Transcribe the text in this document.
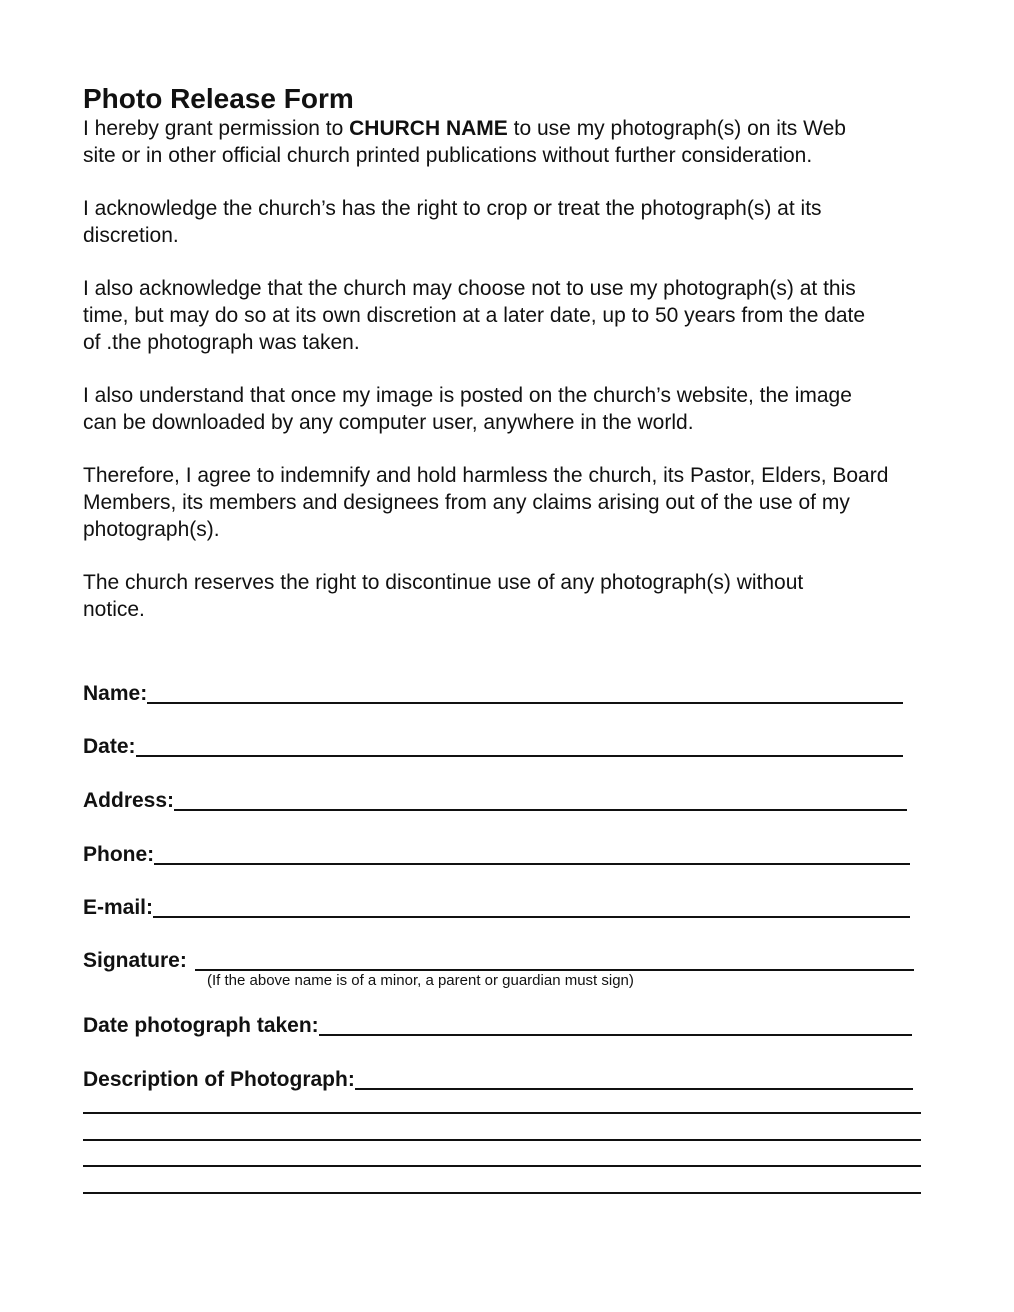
Photo Release Form

I hereby grant permission to CHURCH NAME to use my photograph(s) on its Web site or in other official church printed publications without further consideration.

I acknowledge the church’s has the right to crop or treat the photograph(s) at its discretion.

I also acknowledge that the church may choose not to use my photograph(s) at this time, but may do so at its own discretion at a later date, up to 50 years from the date of .the photograph was taken.

I also understand that once my image is posted on the church’s website, the image can be downloaded by any computer user, anywhere in the world.

Therefore, I agree to indemnify and hold harmless the church, its Pastor, Elders, Board Members, its members and designees from any claims arising out of the use of my photograph(s).

The church reserves the right to discontinue use of any photograph(s) without notice.

Name:
Date:
Address:
Phone:
E-mail:
Signature:
(If the above name is of a minor, a parent or guardian must sign)
Date photograph taken:
Description of Photograph:
